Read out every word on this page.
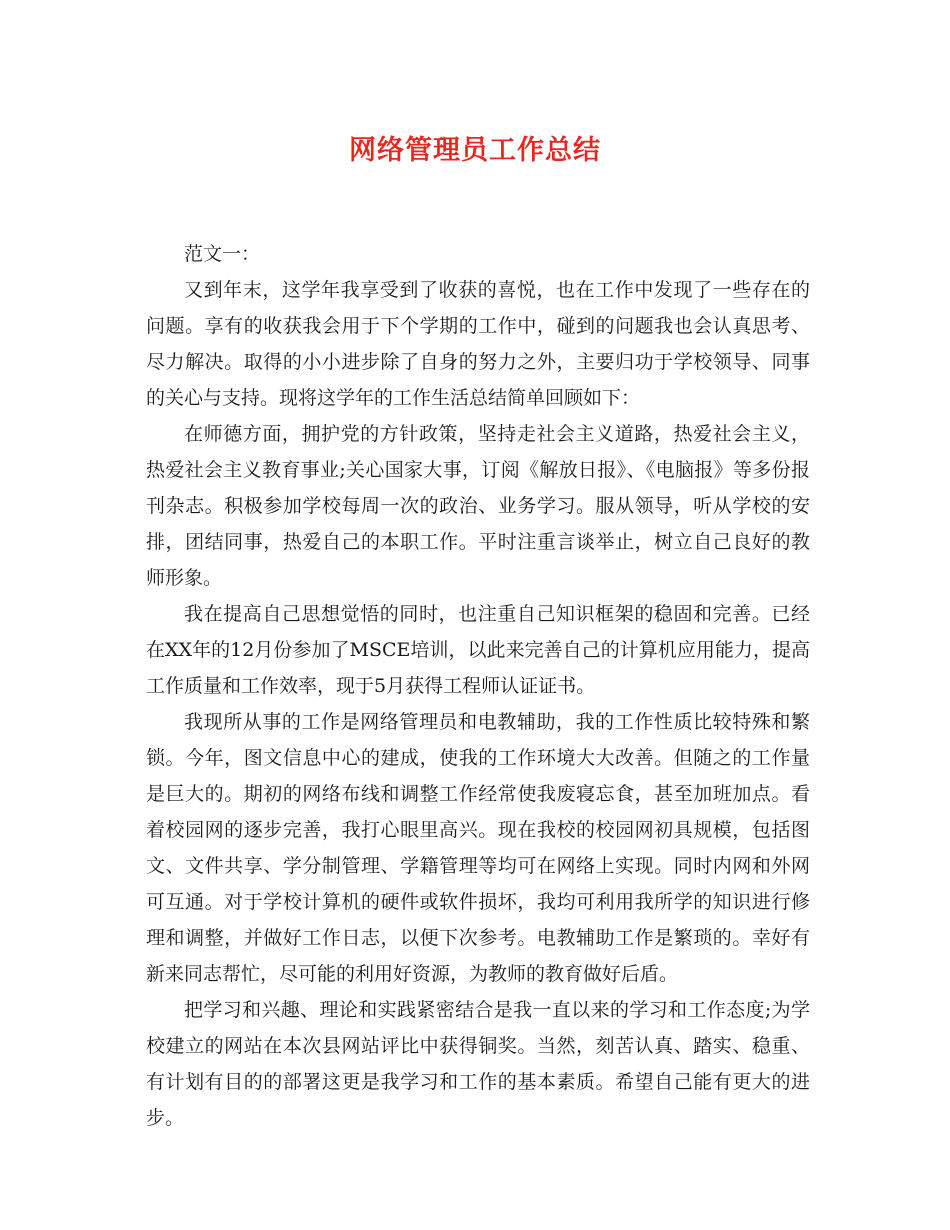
网络管理员工作总结

范文一：

又到年末，这学年我享受到了收获的喜悦，也在工作中发现了一些存在的问题。享有的收获我会用于下个学期的工作中，碰到的问题我也会认真思考、尽力解决。取得的小小进步除了自身的努力之外，主要归功于学校领导、同事的关心与支持。现将这学年的工作生活总结简单回顾如下：

在师德方面，拥护党的方针政策，坚持走社会主义道路，热爱社会主义，热爱社会主义教育事业;关心国家大事，订阅《解放日报》、《电脑报》等多份报刊杂志。积极参加学校每周一次的政治、业务学习。服从领导，听从学校的安排，团结同事，热爱自己的本职工作。平时注重言谈举止，树立自己良好的教师形象。

我在提高自己思想觉悟的同时，也注重自己知识框架的稳固和完善。已经在XX年的12月份参加了MSCE培训，以此来完善自己的计算机应用能力，提高工作质量和工作效率，现于5月获得工程师认证证书。

我现所从事的工作是网络管理员和电教辅助，我的工作性质比较特殊和繁锁。今年，图文信息中心的建成，使我的工作环境大大改善。但随之的工作量是巨大的。期初的网络布线和调整工作经常使我废寝忘食，甚至加班加点。看着校园网的逐步完善，我打心眼里高兴。现在我校的校园网初具规模，包括图文、文件共享、学分制管理、学籍管理等均可在网络上实现。同时内网和外网可互通。对于学校计算机的硬件或软件损坏，我均可利用我所学的知识进行修理和调整，并做好工作日志，以便下次参考。电教辅助工作是繁琐的。幸好有新来同志帮忙，尽可能的利用好资源，为教师的教育做好后盾。

把学习和兴趣、理论和实践紧密结合是我一直以来的学习和工作态度;为学校建立的网站在本次县网站评比中获得铜奖。当然，刻苦认真、踏实、稳重、有计划有目的的部署这更是我学习和工作的基本素质。希望自己能有更大的进步。
